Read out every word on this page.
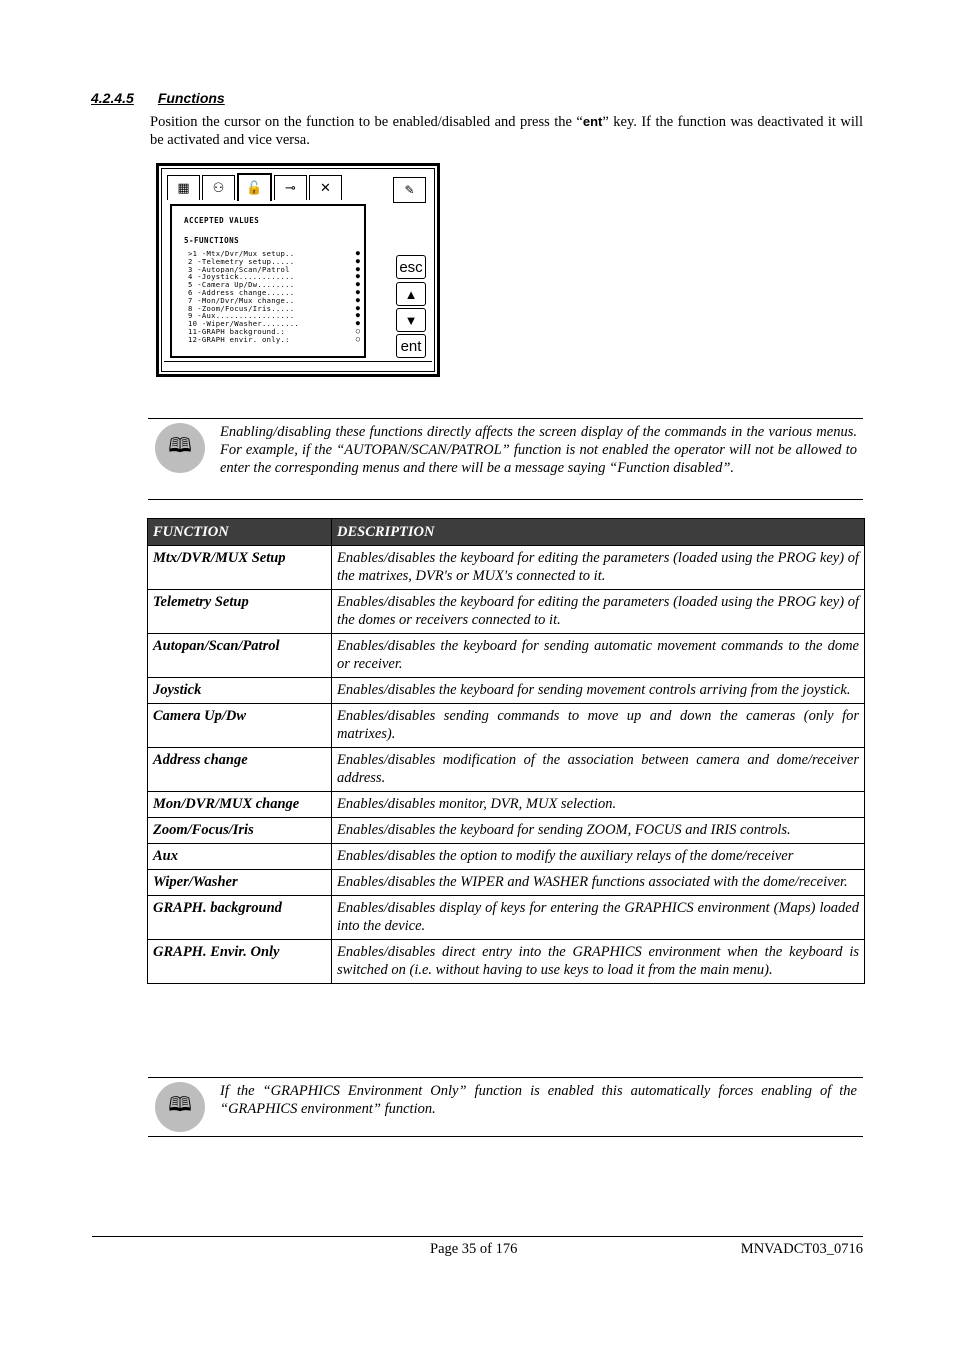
4.2.4.5 Functions
Position the cursor on the function to be enabled/disabled and press the “ent” key. If the function was deactivated it will be activated and vice versa.
▦	⚇	🔓	⊸	✕	✎
ACCEPTED VALUES
5-FUNCTIONS
>1 -Mtx/Dvr/Mux setup..	●
2 -Telemetry setup.....	●
3 -Autopan/Scan/Patrol	●
4 -Joystick............	●
5 -Camera Up/Dw........	●
6 -Address change......	●
7 -Mon/Dvr/Mux change..	●
8 -Zoom/Focus/Iris.....	●
9 -Aux.................	●
10 -Wiper/Washer........	●
11-GRAPH background.:	○
12-GRAPH envir. only.:	○
esc
▲
▼
ent
🕮
Enabling/disabling these functions directly affects the screen display of the commands in the various menus. For example, if the “AUTOPAN/SCAN/PATROL” function is not enabled the operator will not be allowed to enter the corresponding menus and there will be a message saying “Function disabled”.
FUNCTION	DESCRIPTION
Mtx/DVR/MUX Setup	Enables/disables the keyboard for editing the parameters (loaded using the PROG key) of the matrixes, DVR's or MUX's connected to it.
Telemetry Setup	Enables/disables the keyboard for editing the parameters (loaded using the PROG key) of the domes or receivers connected to it.
Autopan/Scan/Patrol	Enables/disables the keyboard for sending automatic movement commands to the dome or receiver.
Joystick	Enables/disables the keyboard for sending movement controls arriving from the joystick.
Camera Up/Dw	Enables/disables sending commands to move up and down the cameras (only for matrixes).
Address change	Enables/disables modification of the association between camera and dome/receiver address.
Mon/DVR/MUX change	Enables/disables monitor, DVR, MUX selection.
Zoom/Focus/Iris	Enables/disables the keyboard for sending ZOOM, FOCUS and IRIS controls.
Aux	Enables/disables the option to modify the auxiliary relays of the dome/receiver
Wiper/Washer	Enables/disables the WIPER and WASHER functions associated with the dome/receiver.
GRAPH. background	Enables/disables display of keys for entering the GRAPHICS environment (Maps) loaded into the device.
GRAPH. Envir. Only	Enables/disables direct entry into the GRAPHICS environment when the keyboard is switched on (i.e. without having to use keys to load it from the main menu).
🕮
If the “GRAPHICS Environment Only” function is enabled this automatically forces enabling of the “GRAPHICS environment” function.
Page 35 of 176	MNVADCT03_0716
